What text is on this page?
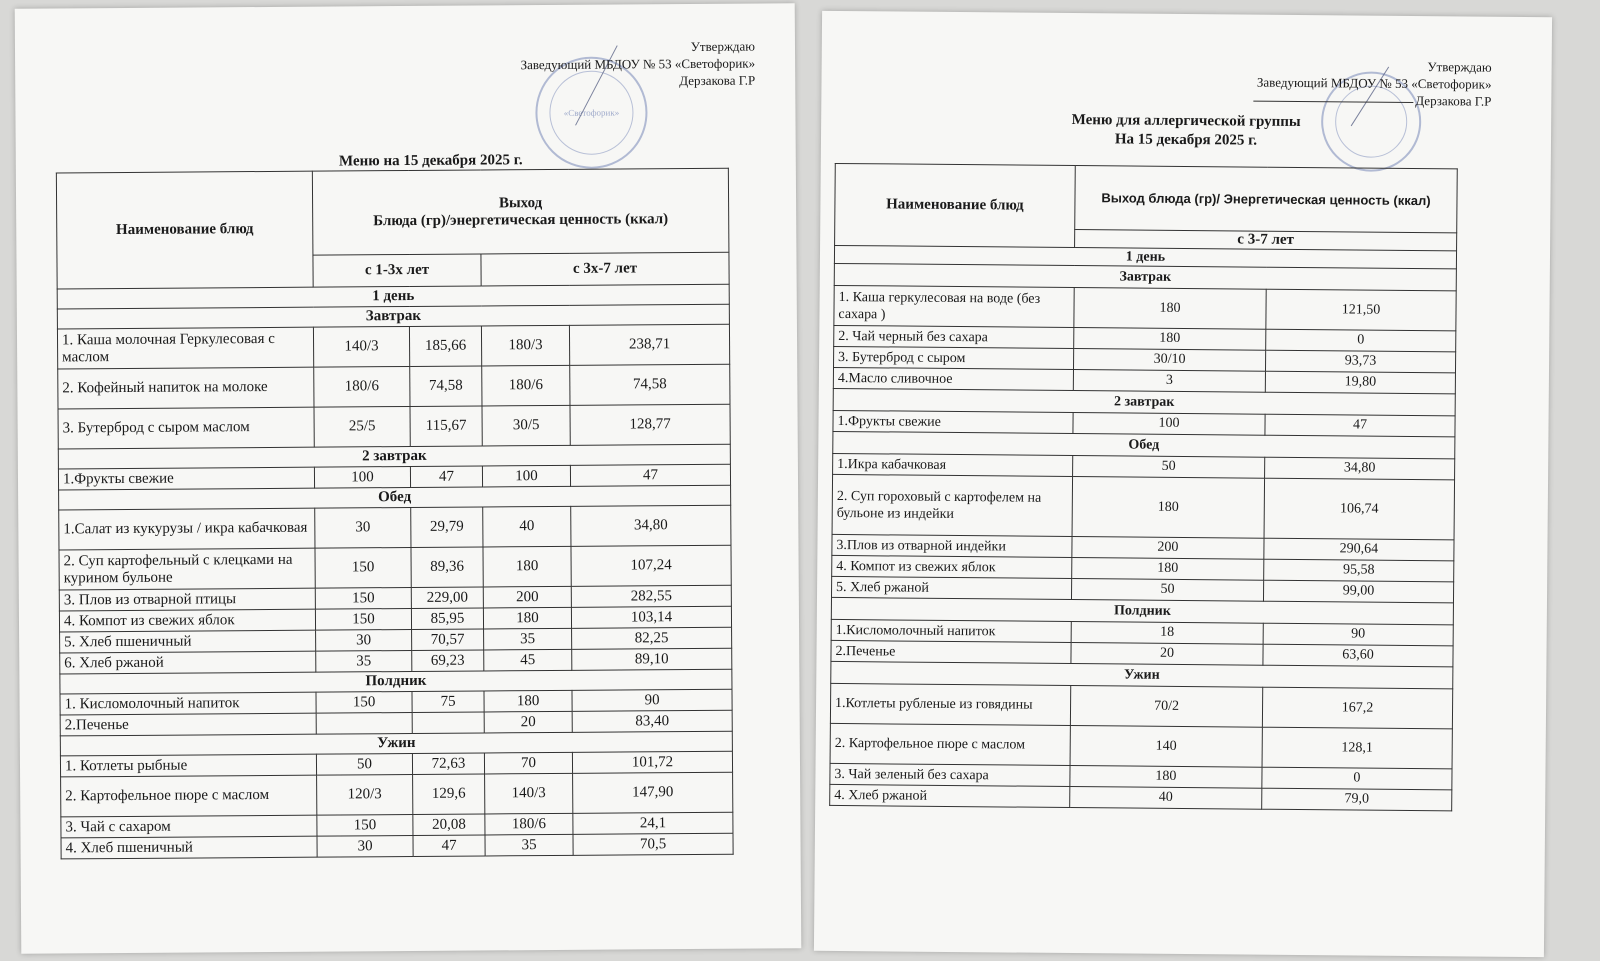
«Светофорик»
Утверждаю
Заведующий МБДОУ № 53 «Светофорик»
Дерзакова Г.Р
Меню на 15 декабря 2025 г.
Наименование блюд	Выход
Блюда (гр)/энергетическая ценность (ккал)			

	с 1-3х лет		с 3х-7 лет	
1 день				
Завтрак				
1. Каша молочная Геркулесовая с маслом	140/3	185,66	180/3	238,71
2. Кофейный напиток на молоке	180/6	74,58	180/6	74,58
3. Бутерброд с сыром маслом	25/5	115,67	30/5	128,77
2 завтрак				
1.Фрукты свежие	100	47	100	47
Обед				
1.Салат из кукурузы / икра кабачковая	30	29,79	40	34,80
2. Суп картофельный с клецками на курином бульоне	150	89,36	180	107,24
3. Плов из отварной птицы	150	229,00	200	282,55
4. Компот из свежих яблок	150	85,95	180	103,14
5. Хлеб пшеничный	30	70,57	35	82,25
6. Хлеб ржаной	35	69,23	45	89,10
Полдник				
1. Кисломолочный напиток	150	75	180	90
2.Печенье			20	83,40
Ужин				
1. Котлеты рыбные	50	72,63	70	101,72
2. Картофельное пюре с маслом	120/3	129,6	140/3	147,90
3. Чай с сахаром	150	20,08	180/6	24,1
4. Хлеб пшеничный	30	47	35	70,5
Утверждаю
Заведующий МБДОУ № 53 «Светофорик»
Дерзакова Г.Р
Меню для аллергической группы
На 15 декабря 2025 г.
Наименование блюд	Выход блюда (гр)/ Энергетическая ценность (ккал)	
	с 3-7 лет	
1 день		
Завтрак		
1. Каша геркулесовая на воде (без сахара )	180	121,50
2. Чай черный без сахара	180	0
3. Бутерброд с сыром	30/10	93,73
4.Масло сливочное	3	19,80
2 завтрак		
1.Фрукты свежие	100	47
Обед		
1.Икра кабачковая	50	34,80
2. Суп гороховый с картофелем на бульоне из индейки	180	106,74
3.Плов из отварной индейки	200	290,64
4. Компот из свежих яблок	180	95,58
5. Хлеб ржаной	50	99,00
Полдник		
1.Кисломолочный напиток	18	90
2.Печенье	20	63,60
Ужин		
1.Котлеты рубленые из говядины	70/2	167,2
2. Картофельное пюре с маслом	140	128,1
3. Чай зеленый без сахара	180	0
4. Хлеб ржаной	40	79,0
